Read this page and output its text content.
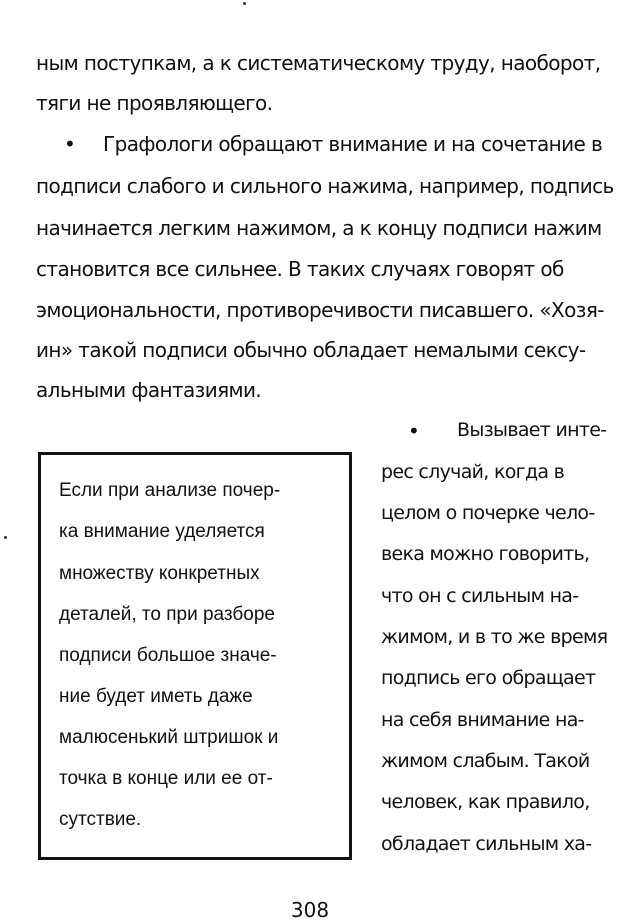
ным поступкам, а к систематическому труду, наоборот,
тяги не проявляющего.
• Графологи обращают внимание и на сочетание в
подписи слабого и сильного нажима, например, подпись
начинается легким нажимом, а к концу подписи нажим
становится все сильнее. В таких случаях говорят об
эмоциональности, противоречивости писавшего. «Хозя-
ин» такой подписи обычно обладает немалыми сексу-
альными фантазиями.
Если при анализе почер-
ка внимание уделяется
множеству конкретных
деталей, то при разборе
подписи большое значе-
ние будет иметь даже
малюсенький штришок и
точка в конце или ее от-
сутствие.
• Вызывает инте-
рес случай, когда в
целом о почерке чело-
века можно говорить,
что он с сильным на-
жимом, и в то же время
подпись его обращает
на себя внимание на-
жимом слабым. Такой
человек, как правило,
обладает сильным ха-
308
